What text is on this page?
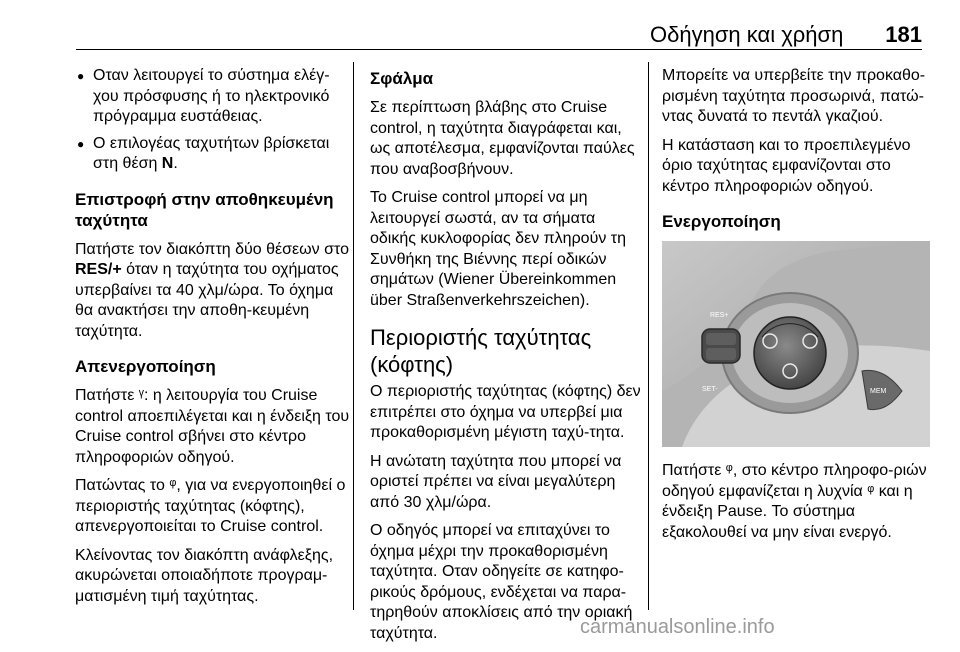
Οδήγηση και χρήση 181
● Οταν λειτουργεί το σύστημα ελέγ‐χου πρόσφυσης ή το ηλεκτρονικό πρόγραμμα ευστάθειας.
● Ο επιλογέας ταχυτήτων βρίσκεται στη θέση N.
Επιστροφή στην αποθηκευμένη ταχύτητα

Πατήστε τον διακόπτη δύο θέσεων στο RES/+ όταν η ταχύτητα του οχήματος υπερβαίνει τα 40 χλμ/ώρα. Το όχημα θα ανακτήσει την αποθη‐κευμένη ταχύτητα.

Απενεργοποίηση

Πατήστε ᵞ: η λειτουργία του Cruise control αποεπιλέγεται και η ένδειξη του Cruise control σβήνει στο κέντρο πληροφοριών οδηγού.

Πατώντας το ᵠ, για να ενεργοποιηθεί ο περιοριστής ταχύτητας (κόφτης), απενεργοποιείται το Cruise control.

Κλείνοντας τον διακόπτη ανάφλεξης, ακυρώνεται οποιαδήποτε προγραμ‐ματισμένη τιμή ταχύτητας.

Σφάλμα

Σε περίπτωση βλάβης στο Cruise control, η ταχύτητα διαγράφεται και, ως αποτέλεσμα, εμφανίζονται παύλες που αναβοσβήνουν.

Το Cruise control μπορεί να μη λειτουργεί σωστά, αν τα σήματα οδικής κυκλοφορίας δεν πληρούν τη Συνθήκη της Βιέννης περί οδικών σημάτων (Wiener Übereinkommen über Straßenverkehrszeichen).

Περιοριστής ταχύτητας (κόφτης)

Ο περιοριστής ταχύτητας (κόφτης) δεν επιτρέπει στο όχημα να υπερβεί μια προκαθορισμένη μέγιστη ταχύ‐τητα.

Η ανώτατη ταχύτητα που μπορεί να οριστεί πρέπει να είναι μεγαλύτερη από 30 χλμ/ώρα.

Ο οδηγός μπορεί να επιταχύνει το όχημα μέχρι την προκαθορισμένη ταχύτητα. Οταν οδηγείτε σε κατηφο‐ρικούς δρόμους, ενδέχεται να παρα‐τηρηθούν αποκλίσεις από την οριακή ταχύτητα.

Μπορείτε να υπερβείτε την προκαθο‐ρισμένη ταχύτητα προσωρινά, πατώ‐ντας δυνατά το πεντάλ γκαζιού.

Η κατάσταση και το προεπιλεγμένο όριο ταχύτητας εμφανίζονται στο κέντρο πληροφοριών οδηγού.

Ενεργοποίηση
RES+
SET-	MEM

Πατήστε ᵠ, στο κέντρο πληροφο‐ριών οδηγού εμφανίζεται η λυχνία ᵠ και η ένδειξη Pause. Το σύστημα εξακολουθεί να μην είναι ενεργό.

carmanualsonline.info
